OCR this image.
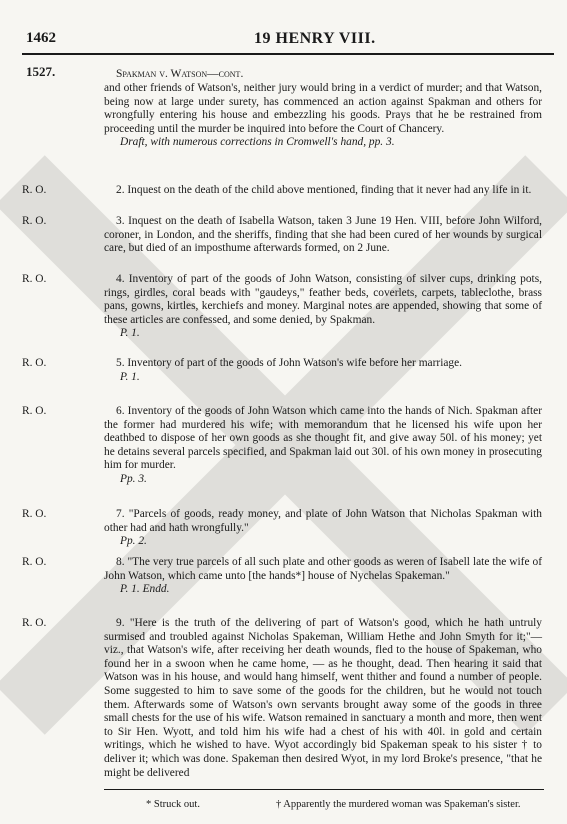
1462	19 HENRY VIII.
1527.	Spakman v. Watson—cont.

and other friends of Watson's, neither jury would bring in a verdict of murder; and that Watson, being now at large under surety, has commenced an action against Spakman and others for wrongfully entering his house and embezzling his goods. Prays that he be restrained from proceeding until the murder be inquired into before the Court of Chancery.

Draft, with numerous corrections in Cromwell's hand, pp. 3.

R. O.	2. Inquest on the death of the child above mentioned, finding that it never had any life in it.

R. O.	3. Inquest on the death of Isabella Watson, taken 3 June 19 Hen. VIII, before John Wilford, coroner, in London, and the sheriffs, finding that she had been cured of her wounds by surgical care, but died of an imposthume afterwards formed, on 2 June.

R. O.	4. Inventory of part of the goods of John Watson, consisting of silver cups, drinking pots, rings, girdles, coral beads with "gaudeys," feather beds, coverlets, carpets, tableclothe, brass pans, gowns, kirtles, kerchiefs and money. Marginal notes are appended, showing that some of these articles are confessed, and some denied, by Spakman.

P. 1.

R. O.	5. Inventory of part of the goods of John Watson's wife before her marriage.

P. 1.

R. O.	6. Inventory of the goods of John Watson which came into the hands of Nich. Spakman after the former had murdered his wife; with memorandum that he licensed his wife upon her deathbed to dispose of her own goods as she thought fit, and give away 50l. of his money; yet he detains several parcels specified, and Spakman laid out 30l. of his own money in prosecuting him for murder.

Pp. 3.

R. O.	7. "Parcels of goods, ready money, and plate of John Watson that Nicholas Spakman with other had and hath wrongfully."

Pp. 2.

R. O.	8. "The very true parcels of all such plate and other goods as weren of Isabell late the wife of John Watson, which came unto [the hands*] house of Nychelas Spakeman."

P. 1. Endd.

R. O.	9. "Here is the truth of the delivering of part of Watson's good, which he hath untruly surmised and troubled against Nicholas Spakeman, William Hethe and John Smyth for it;"—viz., that Watson's wife, after receiving her death wounds, fled to the house of Spakeman, who found her in a swoon when he came home, — as he thought, dead. Then hearing it said that Watson was in his house, and would hang himself, went thither and found a number of people. Some suggested to him to save some of the goods for the children, but he would not touch them. Afterwards some of Watson's own servants brought away some of the goods in three small chests for the use of his wife. Watson remained in sanctuary a month and more, then went to Sir Hen. Wyott, and told him his wife had a chest of his with 40l. in gold and certain writings, which he wished to have. Wyot accordingly bid Spakeman speak to his sister † to deliver it; which was done. Spakeman then desired Wyot, in my lord Broke's presence, "that he might be delivered

* Struck out.	† Apparently the murdered woman was Spakeman's sister.
